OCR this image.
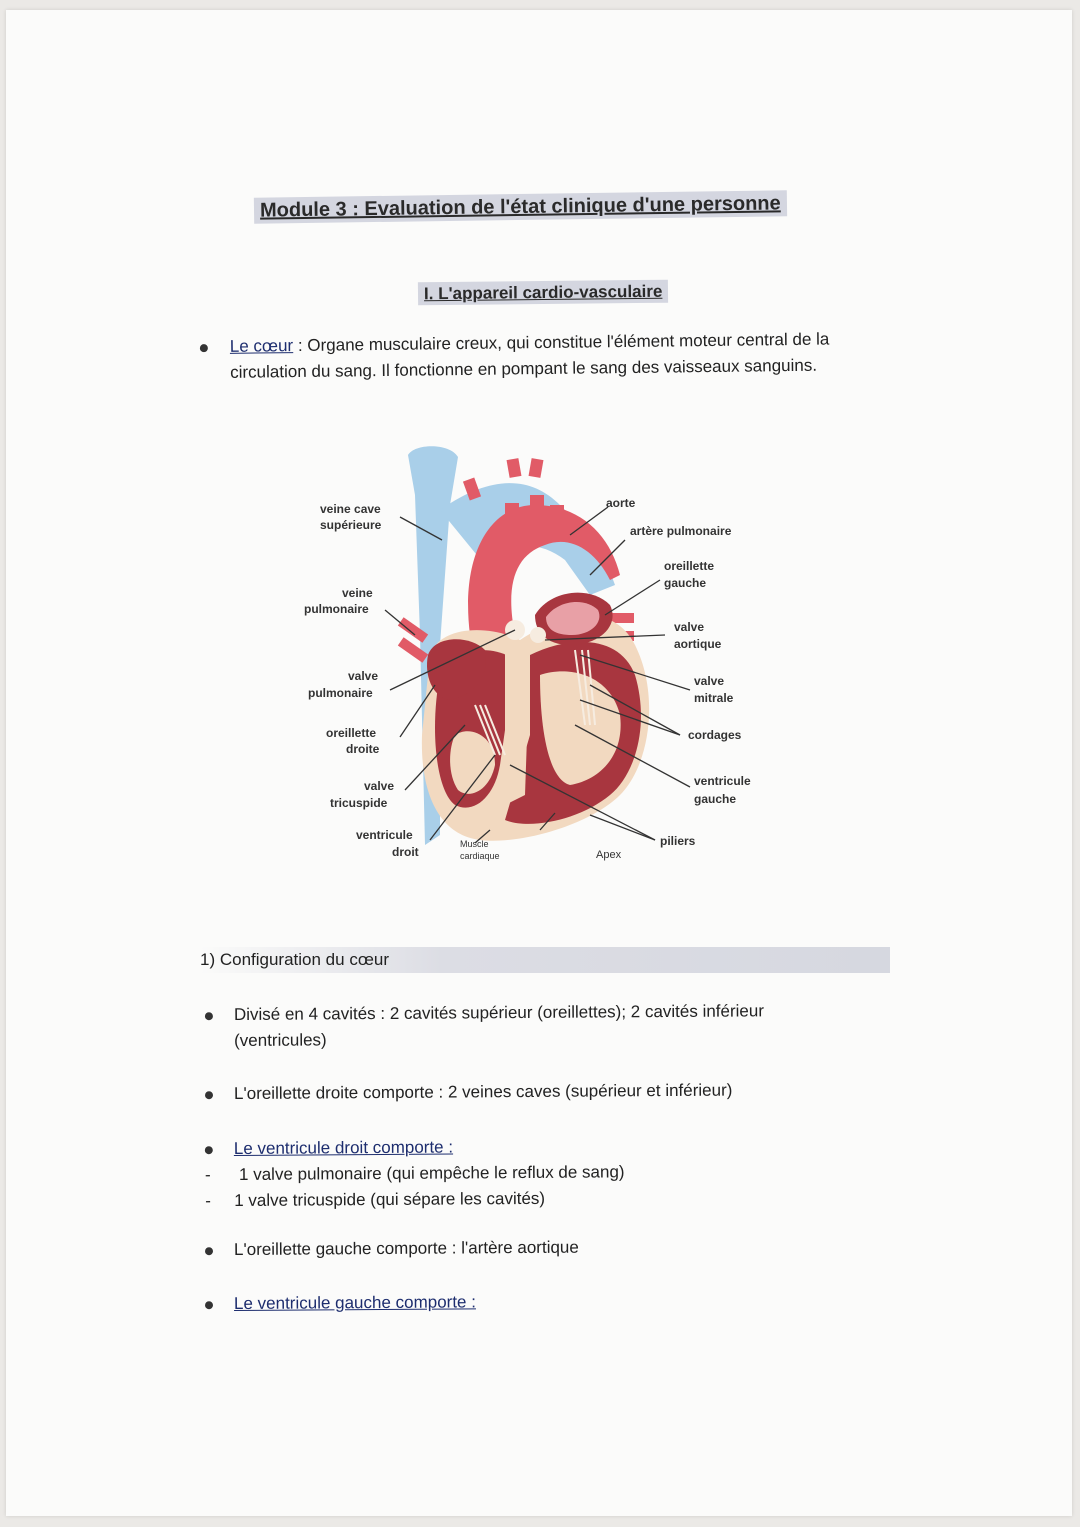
Module 3 : Evaluation de l'état clinique d'une personne
I. L'appareil cardio-vasculaire
Le cœur : Organe musculaire creux, qui constitue l'élément moteur central de la circulation du sang. Il fonctionne en pompant le sang des vaisseaux sanguins.
veine cave
supérieure
veine
pulmonaire
valve
pulmonaire
oreillette
droite
valve
tricuspide
ventricule
droit
Muscle
cardiaque	Apex
aorte
artère pulmonaire
oreillette
gauche
valve
aortique
valve
mitrale
cordages
ventricule
gauche
piliers
1) Configuration du cœur
Divisé en 4 cavités : 2 cavités supérieur (oreillettes); 2 cavités inférieur (ventricules)
L'oreillette droite comporte : 2 veines caves (supérieur et inférieur)
Le ventricule droit comporte :
- 1 valve pulmonaire (qui empêche le reflux de sang)
- 1 valve tricuspide (qui sépare les cavités)
L'oreillette gauche comporte : l'artère aortique
Le ventricule gauche comporte :
